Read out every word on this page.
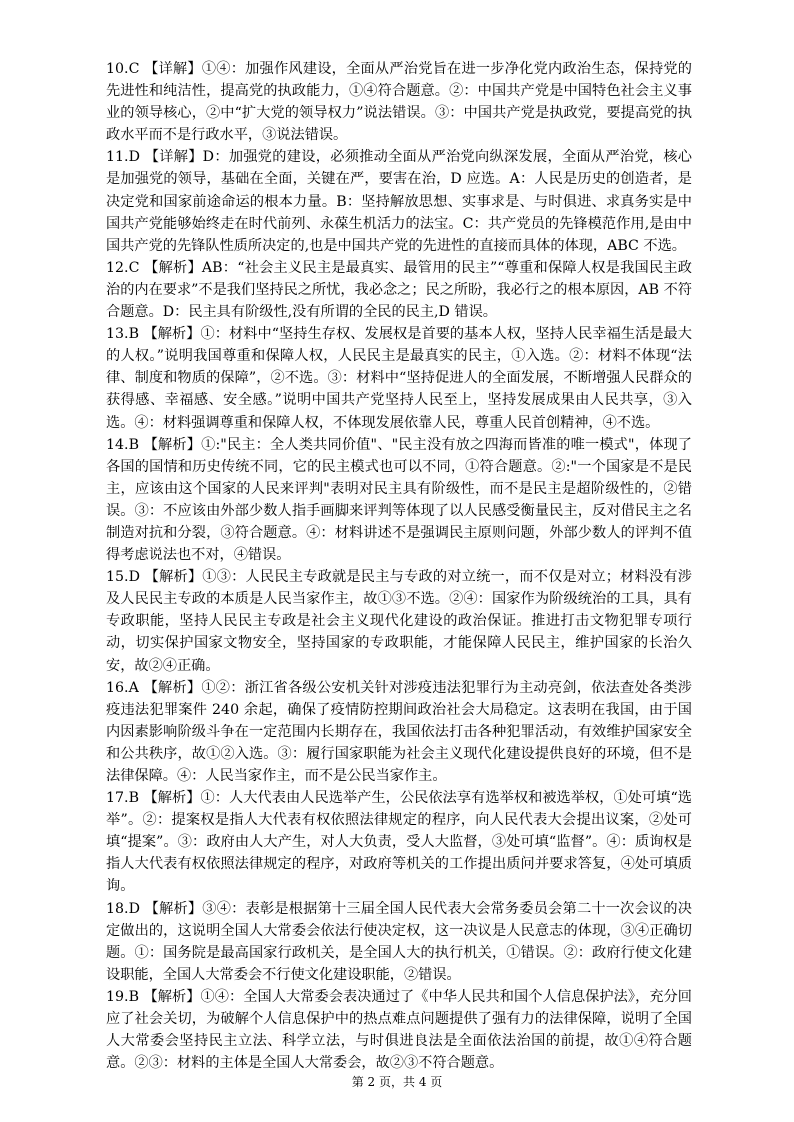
10.C 【详解】①④：加强作风建设，全面从严治党旨在进一步净化党内政治生态，保持党的先进性和纯洁性，提高党的执政能力，①④符合题意。②：中国共产党是中国特色社会主义事业的领导核心，②中“扩大党的领导权力”说法错误。③：中国共产党是执政党，要提高党的执政水平而不是行政水平，③说法错误。

11.D 【详解】D：加强党的建设，必须推动全面从严治党向纵深发展，全面从严治党，核心是加强党的领导，基础在全面，关键在严，要害在治，D 应选。A：人民是历史的创造者，是决定党和国家前途命运的根本力量。B：坚持解放思想、实事求是、与时俱进、求真务实是中国共产党能够始终走在时代前列、永葆生机活力的法宝。C：共产党员的先锋模范作用,是由中国共产党的先锋队性质所决定的,也是中国共产党的先进性的直接而具体的体现，ABC 不选。

12.C 【解析】AB：“社会主义民主是最真实、最管用的民主”“尊重和保障人权是我国民主政治的内在要求”不是我们坚持民之所忧，我必念之；民之所盼，我必行之的根本原因，AB 不符合题意。D：民主具有阶级性,没有所谓的全民的民主,D 错误。

13.B 【解析】①：材料中“坚持生存权、发展权是首要的基本人权，坚持人民幸福生活是最大的人权。”说明我国尊重和保障人权，人民民主是最真实的民主，①入选。②：材料不体现“法律、制度和物质的保障”，②不选。③：材料中“坚持促进人的全面发展，不断增强人民群众的获得感、幸福感、安全感。”说明中国共产党坚持人民至上，坚持发展成果由人民共享，③入选。④：材料强调尊重和保障人权，不体现发展依靠人民，尊重人民首创精神，④不选。

14.B 【解析】①:"民主：全人类共同价值"、"民主没有放之四海而皆准的唯一模式"，体现了各国的国情和历史传统不同，它的民主模式也可以不同，①符合题意。②:"一个国家是不是民主，应该由这个国家的人民来评判"表明对民主具有阶级性，而不是民主是超阶级性的，②错误。③：不应该由外部少数人指手画脚来评判等体现了以人民感受衡量民主，反对借民主之名制造对抗和分裂，③符合题意。④：材料讲述不是强调民主原则问题，外部少数人的评判不值得考虑说法也不对，④错误。

15.D 【解析】①③：人民民主专政就是民主与专政的对立统一，而不仅是对立；材料没有涉及人民民主专政的本质是人民当家作主，故①③不选。②④：国家作为阶级统治的工具，具有专政职能，坚持人民民主专政是社会主义现代化建设的政治保证。推进打击文物犯罪专项行动，切实保护国家文物安全，坚持国家的专政职能，才能保障人民民主，维护国家的长治久安，故②④正确。

16.A 【解析】①②：浙江省各级公安机关针对涉疫违法犯罪行为主动亮剑，依法查处各类涉疫违法犯罪案件 240 余起，确保了疫情防控期间政治社会大局稳定。这表明在我国，由于国内因素影响阶级斗争在一定范围内长期存在，我国依法打击各种犯罪活动，有效维护国家安全和公共秩序，故①②入选。③：履行国家职能为社会主义现代化建设提供良好的环境，但不是法律保障。④：人民当家作主，而不是公民当家作主。

17.B 【解析】①：人大代表由人民选举产生，公民依法享有选举权和被选举权，①处可填“选举”。②：提案权是指人大代表有权依照法律规定的程序，向人民代表大会提出议案，②处可填“提案”。③：政府由人大产生，对人大负责，受人大监督，③处可填“监督”。④：质询权是指人大代表有权依照法律规定的程序，对政府等机关的工作提出质问并要求答复，④处可填质询。

18.D 【解析】③④：表彰是根据第十三届全国人民代表大会常务委员会第二十一次会议的决定做出的，这说明全国人大常委会依法行使决定权，这一决议是人民意志的体现，③④正确切题。①：国务院是最高国家行政机关，是全国人大的执行机关，①错误。②：政府行使文化建设职能，全国人大常委会不行使文化建设职能，②错误。

19.B 【解析】①④：全国人大常委会表决通过了《中华人民共和国个人信息保护法》，充分回应了社会关切，为破解个人信息保护中的热点难点问题提供了强有力的法律保障，说明了全国人大常委会坚持民主立法、科学立法，与时俱进良法是全面依法治国的前提，故①④符合题意。②③：材料的主体是全国人大常委会，故②③不符合题意。

第 2 页，共 4 页
